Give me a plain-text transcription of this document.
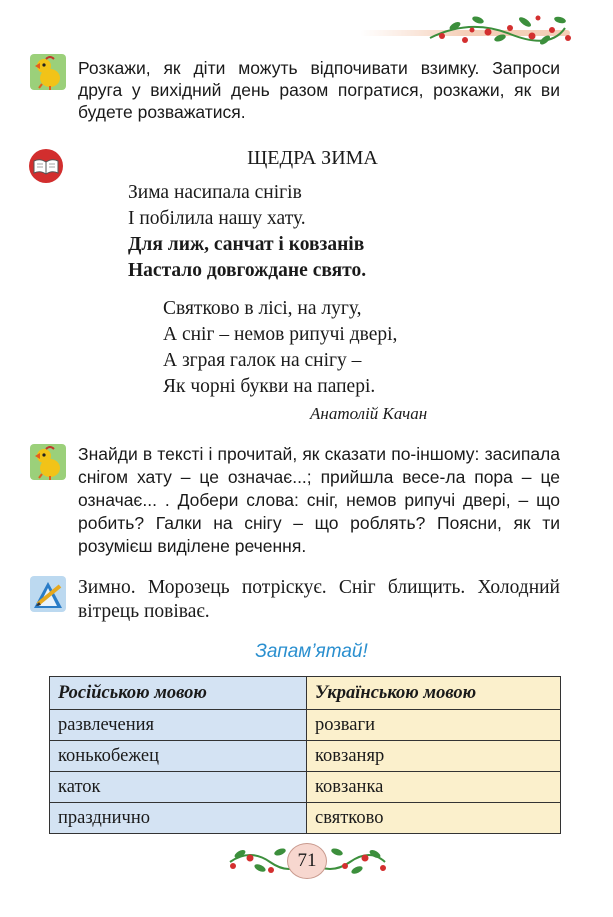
Розкажи, як діти можуть відпочивати взимку. Запроси друга у вихідний день разом погратися, розкажи, як ви будете розважатися.
ЩЕДРА ЗИМА
Зима насипала снігів
І побілила нашу хату.
Для лиж, санчат і ковзанів
Настало довгождане свято.
Святково в лісі, на лугу,
А сніг – немов рипучі двері,
А зграя галок на снігу –
Як чорні букви на папері.
Анатолій Качан
Знайди в тексті і прочитай, як сказати по-іншому: засипала снігом хату – це означає...; прийшла весе-ла пора – це означає... . Добери слова: сніг, немов рипучі двері, – що робить? Галки на снігу – що роблять? Поясни, як ти розумієш виділене речення.
Зимно. Морозець потріскує. Сніг блищить. Холодний вітрець повіває.
Запам’ятай!
Російською мовою	Українською мовою
развлечения	розваги
конькобежец	ковзаняр
каток	ковзанка
празднично	святково
71
